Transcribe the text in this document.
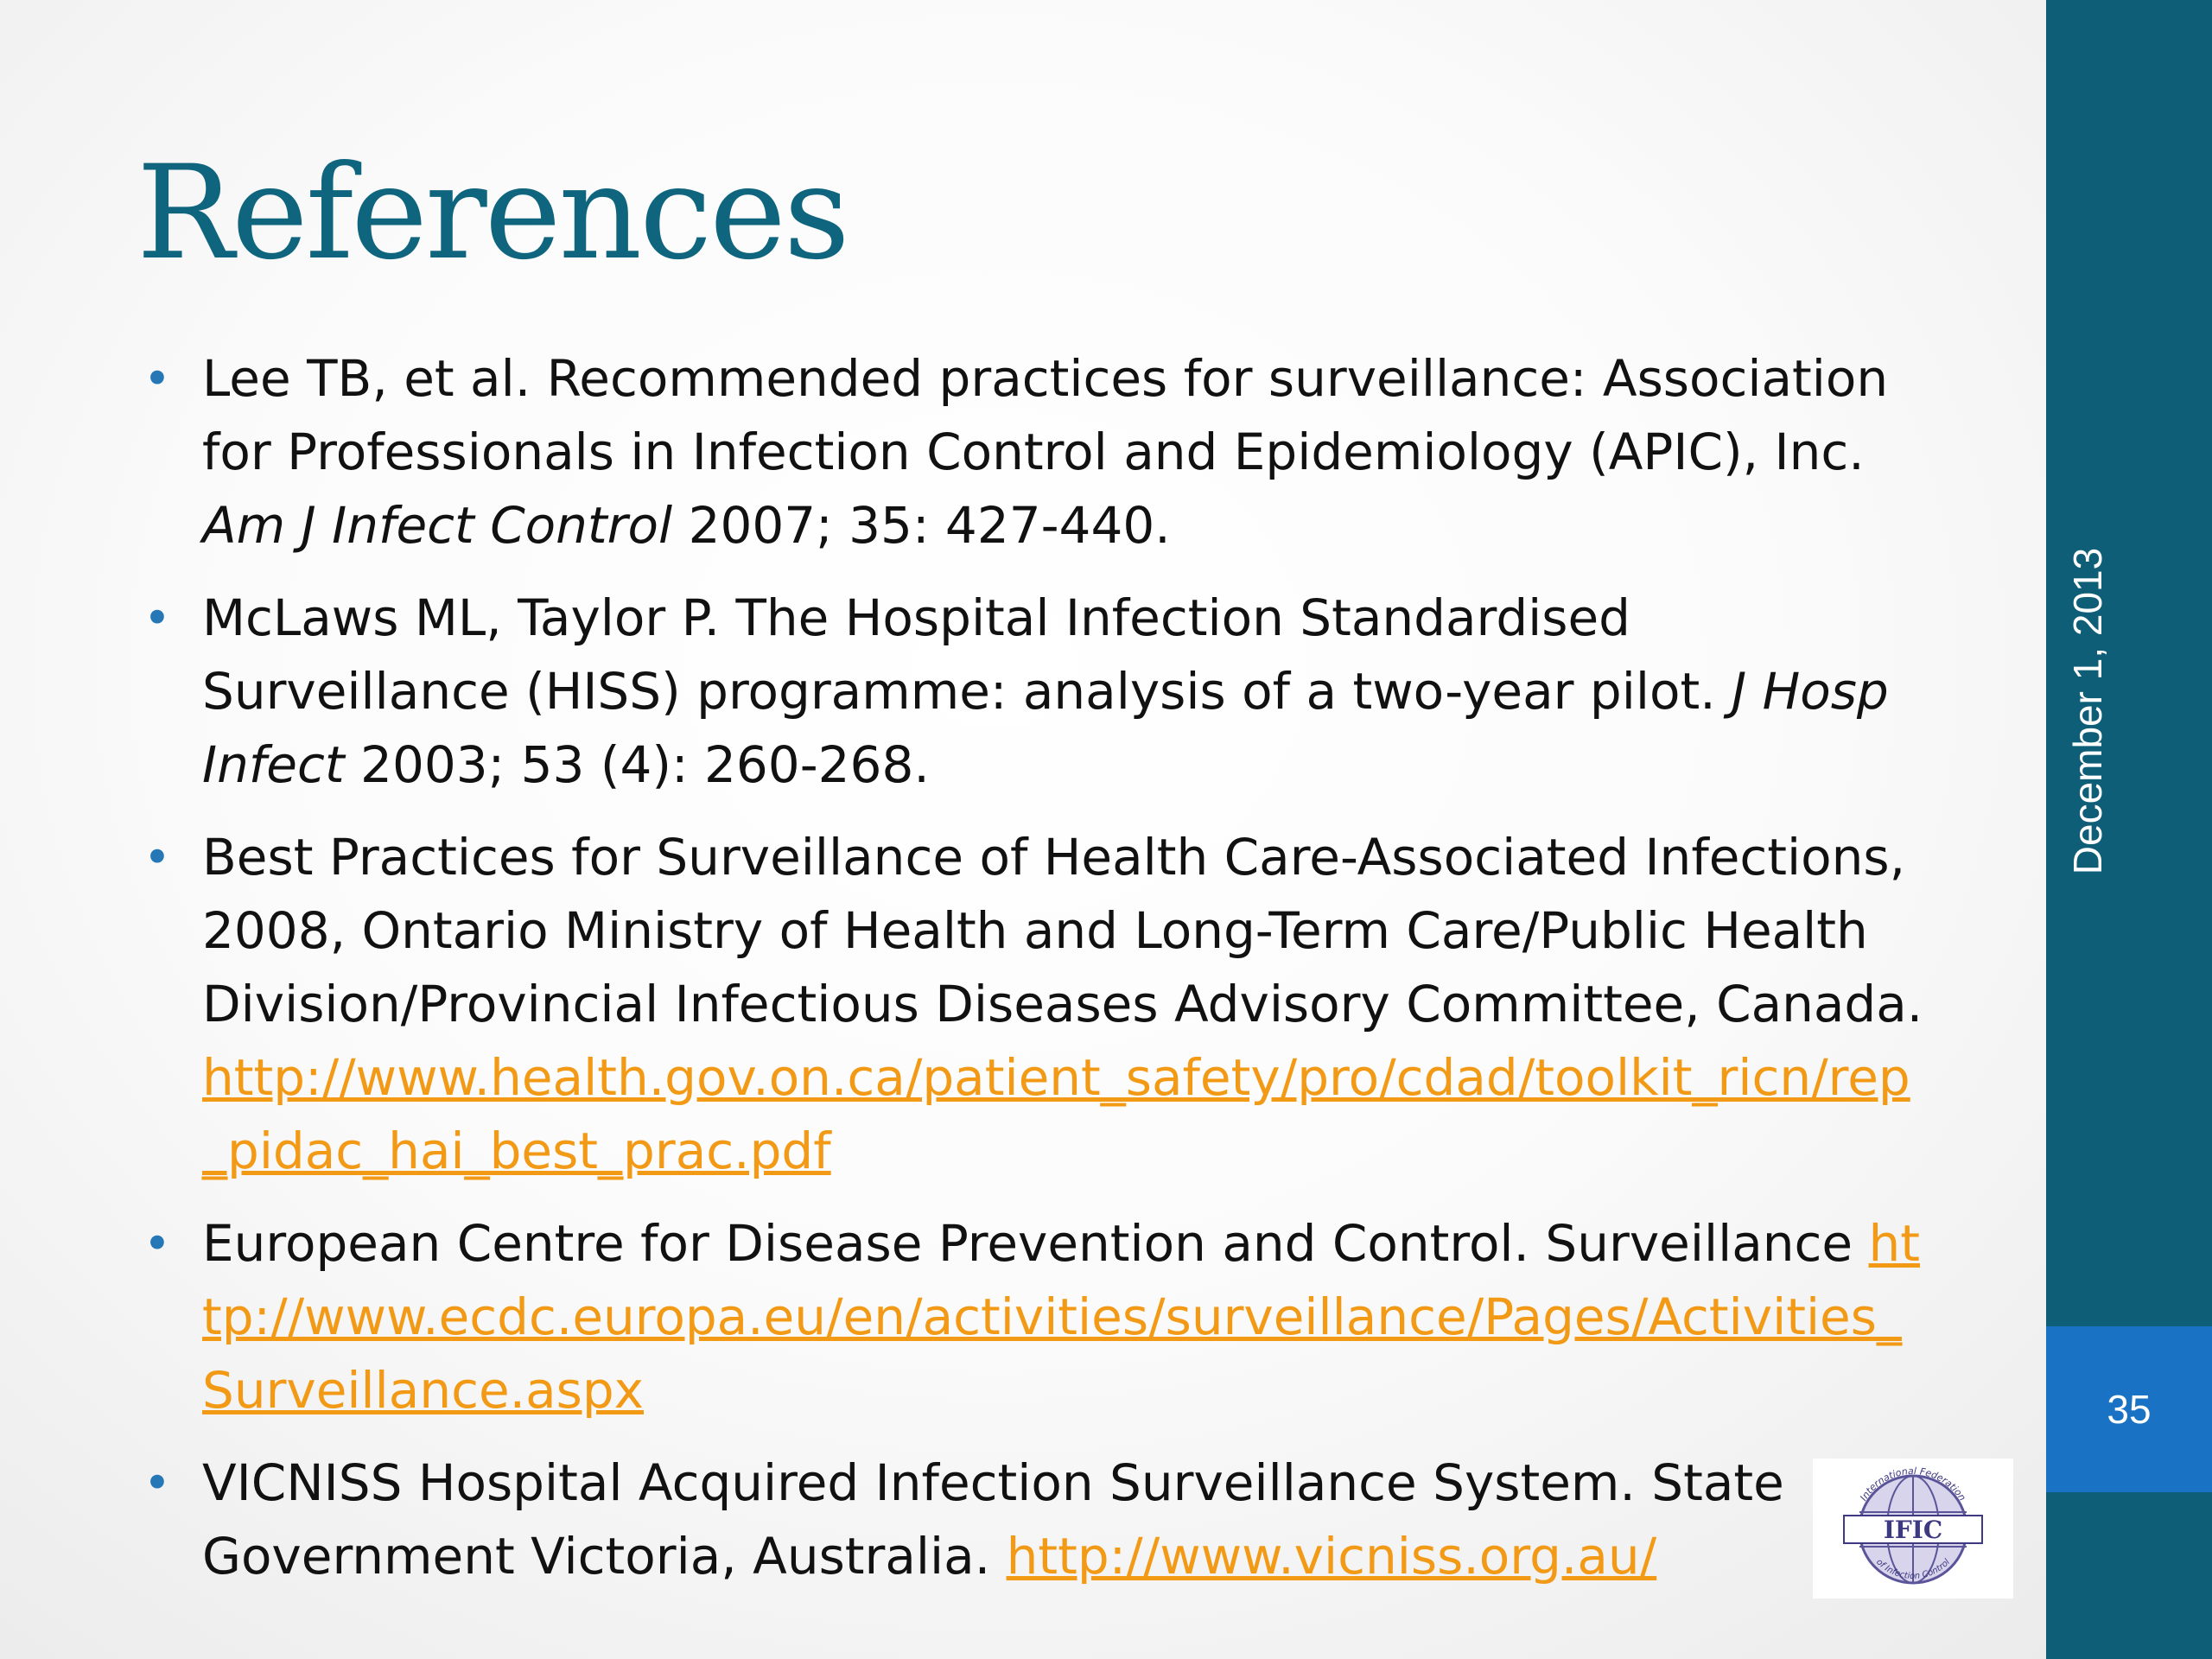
References
• Lee TB, et al. Recommended practices for surveillance: Association for Professionals in Infection Control and Epidemiology (APIC), Inc. Am J Infect Control 2007; 35: 427-440.
• McLaws ML, Taylor P. The Hospital Infection Standardised Surveillance (HISS) programme: analysis of a two-year pilot. J Hosp Infect 2003; 53 (4): 260-268.
• Best Practices for Surveillance of Health Care-Associated Infections, 2008, Ontario Ministry of Health and Long-Term Care/Public Health Division/Provincial Infectious Diseases Advisory Committee, Canada. http://www.health.gov.on.ca/patient_safety/pro/cdad/toolkit_ricn/rep_pidac_hai_best_prac.pdf
• European Centre for Disease Prevention and Control. Surveillance http://www.ecdc.europa.eu/en/activities/surveillance/Pages/Activities_Surveillance.aspx
• VICNISS Hospital Acquired Infection Surveillance System. State Government Victoria, Australia. http://www.vicniss.org.au/
December 1, 2013
35
IFIC
International Federation
of Infection Control
